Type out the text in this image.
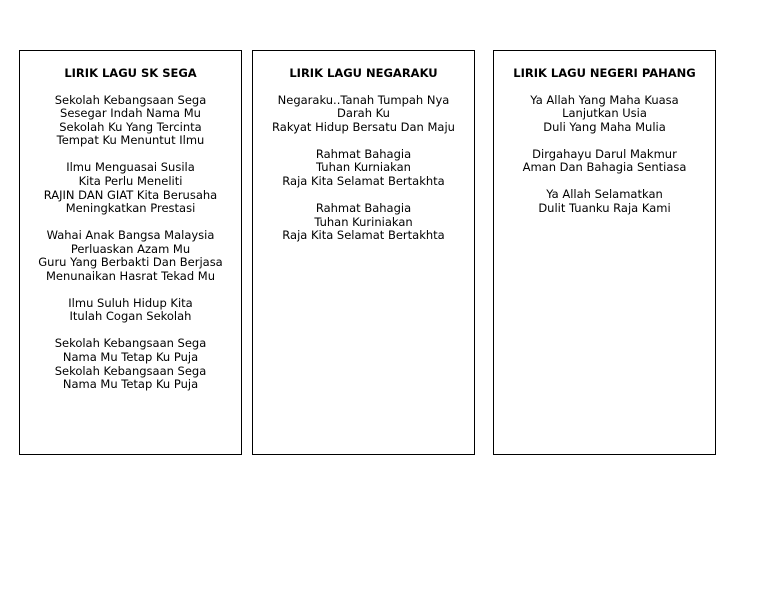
LIRIK LAGU SK SEGA
Sekolah Kebangsaan Sega
Sesegar Indah Nama Mu
Sekolah Ku Yang Tercinta
Tempat Ku Menuntut Ilmu
Ilmu Menguasai Susila
Kita Perlu Meneliti
RAJIN DAN GIAT Kita Berusaha
Meningkatkan Prestasi
Wahai Anak Bangsa Malaysia
Perluaskan Azam Mu
Guru Yang Berbakti Dan Berjasa
Menunaikan Hasrat Tekad Mu
Ilmu Suluh Hidup Kita
Itulah Cogan Sekolah
Sekolah Kebangsaan Sega
Nama Mu Tetap Ku Puja
Sekolah Kebangsaan Sega
Nama Mu Tetap Ku Puja
LIRIK LAGU NEGARAKU
Negaraku..Tanah Tumpah Nya
Darah Ku
Rakyat Hidup Bersatu Dan Maju
Rahmat Bahagia
Tuhan Kurniakan
Raja Kita Selamat Bertakhta
Rahmat Bahagia
Tuhan Kuriniakan
Raja Kita Selamat Bertakhta
LIRIK LAGU NEGERI PAHANG
Ya Allah Yang Maha Kuasa
Lanjutkan Usia
Duli Yang Maha Mulia
Dirgahayu Darul Makmur
Aman Dan Bahagia Sentiasa
Ya Allah Selamatkan
Dulit Tuanku Raja Kami
